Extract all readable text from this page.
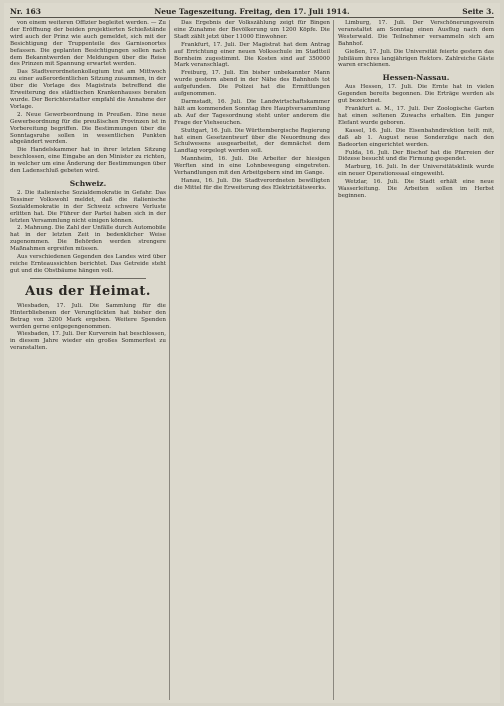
Nr. 163	Neue Tageszeitung. Freitag, den 17. Juli 1914.	Seite 3.

von einem weiteren Offizier begleitet werden. — Zu der Eröffnung der beiden projektierten Schießstände wird auch der Prinz wie auch gemeldet, sich mit der Besichtigung der Truppenteile des Garnisonortes befassen. Die geplanten Besichtigungen sollen nach dem Bekanntwerden der Meldungen über die Reise des Prinzen mit Spannung erwartet werden.

Das Stadtverordnetenkollegium trat am Mittwoch zu einer außerordentlichen Sitzung zusammen, in der über die Vorlage des Magistrats betreffend die Erweiterung des städtischen Krankenhauses beraten wurde. Der Berichterstatter empfahl die Annahme der Vorlage.

2. Neue Gewerbeordnung in Preußen. Eine neue Gewerbeordnung für die preußischen Provinzen ist in Vorbereitung begriffen. Die Bestimmungen über die Sonntagsruhe sollen in wesentlichen Punkten abgeändert werden.

Die Handelskammer hat in ihrer letzten Sitzung beschlossen, eine Eingabe an den Minister zu richten, in welcher um eine Änderung der Bestimmungen über den Ladenschluß gebeten wird.

Schweiz.

2. Die italienische Sozialdemokratie in Gefahr. Das Tessiner Volkswohl meldet, daß die italienische Sozialdemokratie in der Schweiz schwere Verluste erlitten hat. Die Führer der Partei haben sich in der letzten Versammlung nicht einigen können.

2. Mahnung. Die Zahl der Unfälle durch Automobile hat in der letzten Zeit in bedenklicher Weise zugenommen. Die Behörden werden strengere Maßnahmen ergreifen müssen.

Aus verschiedenen Gegenden des Landes wird über reiche Ernteaussichten berichtet. Das Getreide steht gut und die Obstbäume hängen voll.

Aus der Heimat.

Wiesbaden, 17. Juli. Die Sammlung für die Hinterbliebenen der Verunglückten hat bisher den Betrag von 3200 Mark ergeben. Weitere Spenden werden gerne entgegengenommen.

Wiesbaden, 17. Juli. Der Kurverein hat beschlossen, in diesem Jahre wieder ein großes Sommerfest zu veranstalten.

Das Ergebnis der Volkszählung zeigt für Bingen eine Zunahme der Bevölkerung um 1200 Köpfe. Die Stadt zählt jetzt über 11000 Einwohner.

Frankfurt, 17. Juli. Der Magistrat hat dem Antrag auf Errichtung einer neuen Volksschule im Stadtteil Bornheim zugestimmt. Die Kosten sind auf 350000 Mark veranschlagt.

Freiburg, 17. Juli. Ein bisher unbekannter Mann wurde gestern abend in der Nähe des Bahnhofs tot aufgefunden. Die Polizei hat die Ermittlungen aufgenommen.

Darmstadt, 16. Juli. Die Landwirtschaftskammer hält am kommenden Sonntag ihre Hauptversammlung ab. Auf der Tagesordnung steht unter anderem die Frage der Viehseuchen.

Stuttgart, 16. Juli. Die Württembergische Regierung hat einen Gesetzentwurf über die Neuordnung des Schulwesens ausgearbeitet, der demnächst dem Landtag vorgelegt werden soll.

Mannheim, 16. Juli. Die Arbeiter der hiesigen Werften sind in eine Lohnbewegung eingetreten. Verhandlungen mit den Arbeitgebern sind im Gange.

Hanau, 16. Juli. Die Stadtverordneten bewilligten die Mittel für die Erweiterung des Elektrizitätswerks.

Limburg, 17. Juli. Der Verschönerungsverein veranstaltet am Sonntag einen Ausflug nach dem Westerwald. Die Teilnehmer versammeln sich am Bahnhof.

Gießen, 17. Juli. Die Universität feierte gestern das Jubiläum ihres langjährigen Rektors. Zahlreiche Gäste waren erschienen.

Hessen-Nassau.

Aus Hessen, 17. Juli. Die Ernte hat in vielen Gegenden bereits begonnen. Die Erträge werden als gut bezeichnet.

Frankfurt a. M., 17. Juli. Der Zoologische Garten hat einen seltenen Zuwachs erhalten. Ein junger Elefant wurde geboren.

Kassel, 16. Juli. Die Eisenbahndirektion teilt mit, daß ab 1. August neue Sonderzüge nach den Badeorten eingerichtet werden.

Fulda, 16. Juli. Der Bischof hat die Pfarreien der Diözese besucht und die Firmung gespendet.

Marburg, 16. Juli. In der Universitätsklinik wurde ein neuer Operationssaal eingeweiht.

Wetzlar, 16. Juli. Die Stadt erhält eine neue Wasserleitung. Die Arbeiten sollen im Herbst beginnen.
